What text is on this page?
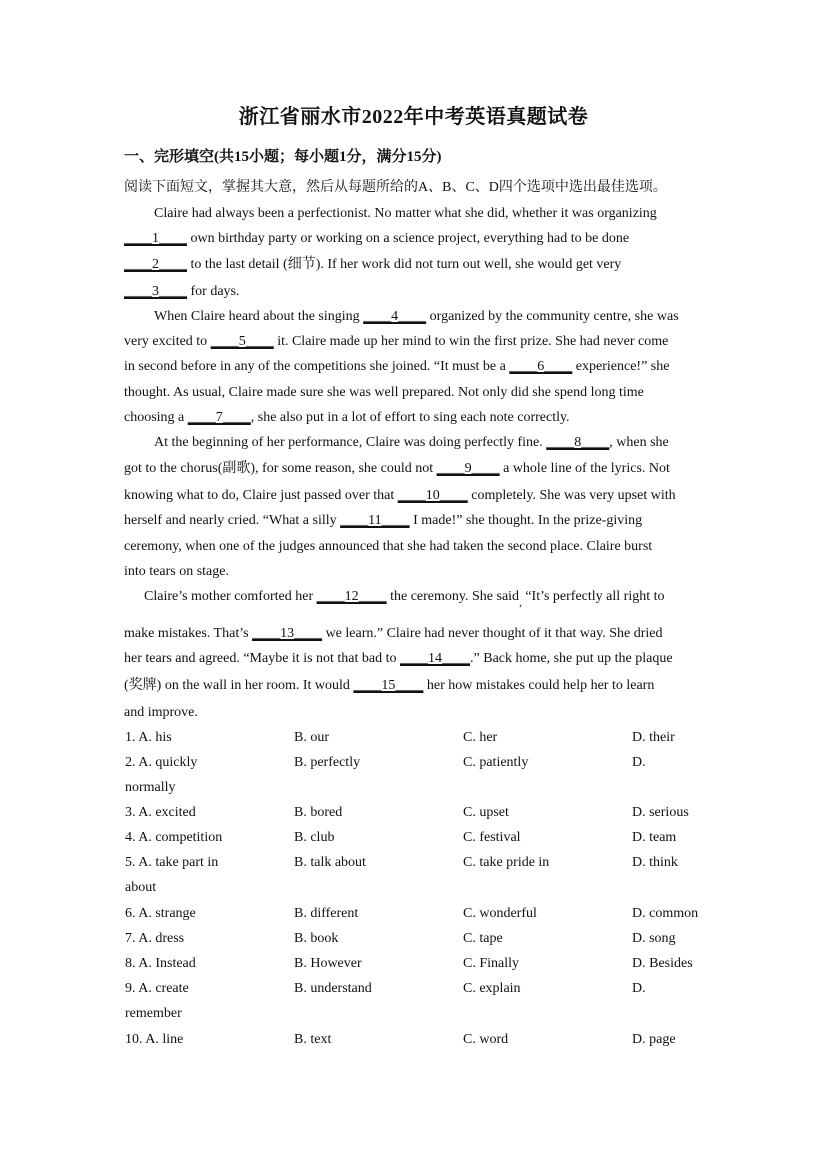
浙江省丽水市2022年中考英语真题试卷
一、完形填空(共15小题；每小题1分，满分15分)
阅读下面短文，掌握其大意，然后从每题所给的A、B、C、D四个选项中选出最佳选项。
Claire had always been a perfectionist. No matter what she did, whether it was organizing
____1____ own birthday party or working on a science project, everything had to be done
____2____ to the last detail (细节). If her work did not turn out well, she would get very
____3____ for days.
When Claire heard about the singing ____4____ organized by the community centre, she was
very excited to ____5____ it. Claire made up her mind to win the first prize. She had never come
in second before in any of the competitions she joined. “It must be a ____6____ experience!” she
thought. As usual, Claire made sure she was well prepared. Not only did she spend long time
choosing a ____7____, she also put in a lot of effort to sing each note correctly.
At the beginning of her performance, Claire was doing perfectly fine. ____8____, when she
got to the chorus(副歌), for some reason, she could not ____9____ a whole line of the lyrics. Not
knowing what to do, Claire just passed over that ____10____ completely. She was very upset with
herself and nearly cried. “What a silly ____11____ I made!” she thought. In the prize-giving
ceremony, when one of the judges announced that she had taken the second place. Claire burst
into tears on stage.
Claire’s mother comforted her ____12____ the ceremony. She said$_,$ “It’s perfectly all right to
make mistakes. That’s ____13____ we learn.” Claire had never thought of it that way. She dried
her tears and agreed. “Maybe it is not that bad to ____14____.” Back home, she put up the plaque
(奖牌) on the wall in her room. It would ____15____ her how mistakes could help her to learn
and improve.
1. A. his	B. our	C. her	D. their
2. A. quickly	B. perfectly	C. patiently	D.
normally
3. A. excited	B. bored	C. upset	D. serious
4. A. competition	B. club	C. festival	D. team
5. A. take part in	B. talk about	C. take pride in	D. think
about
6. A. strange	B. different	C. wonderful	D. common
7. A. dress	B. book	C. tape	D. song
8. A. Instead	B. However	C. Finally	D. Besides
9. A. create	B. understand	C. explain	D.
remember
10. A. line	B. text	C. word	D. page
